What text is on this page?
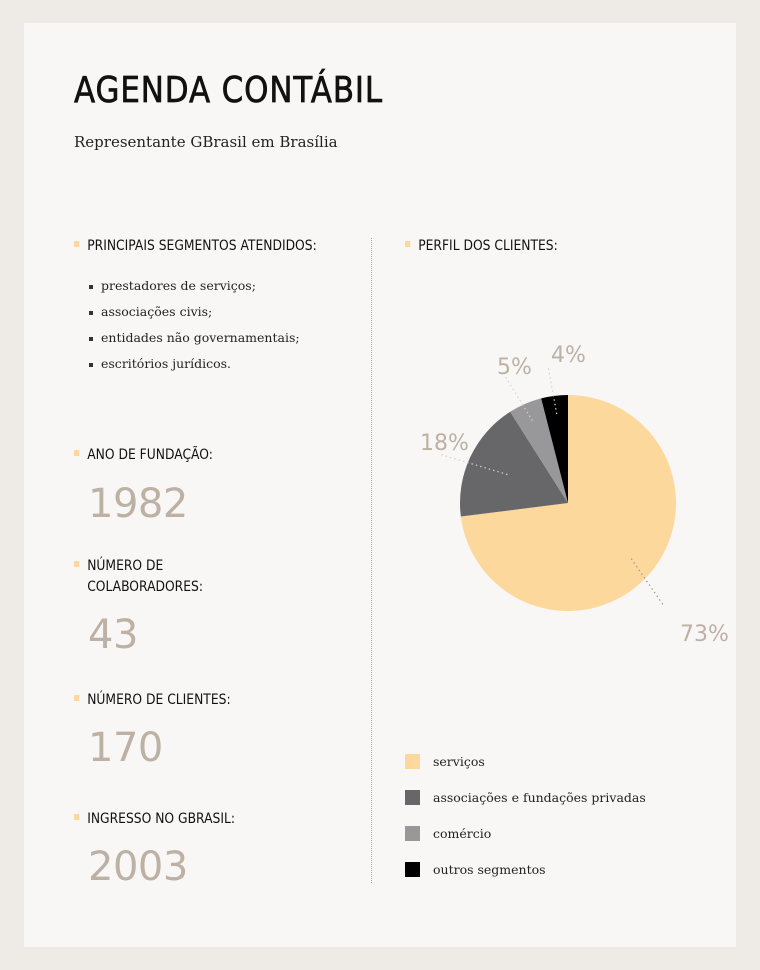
AGENDA CONTÁBIL

Representante GBrasil em Brasília

PRINCIPAIS SEGMENTOS ATENDIDOS:
prestadores de serviços;
associações civis;
entidades não governamentais;
escritórios jurídicos.
ANO DE FUNDAÇÃO:
1982
NÚMERO DE
COLABORADORES:
43
NÚMERO DE CLIENTES:
170
INGRESSO NO GBRASIL:
2003
PERFIL DOS CLIENTES:
73%
18%
5% 4%
serviços
associações e fundações privadas
comércio
outros segmentos
